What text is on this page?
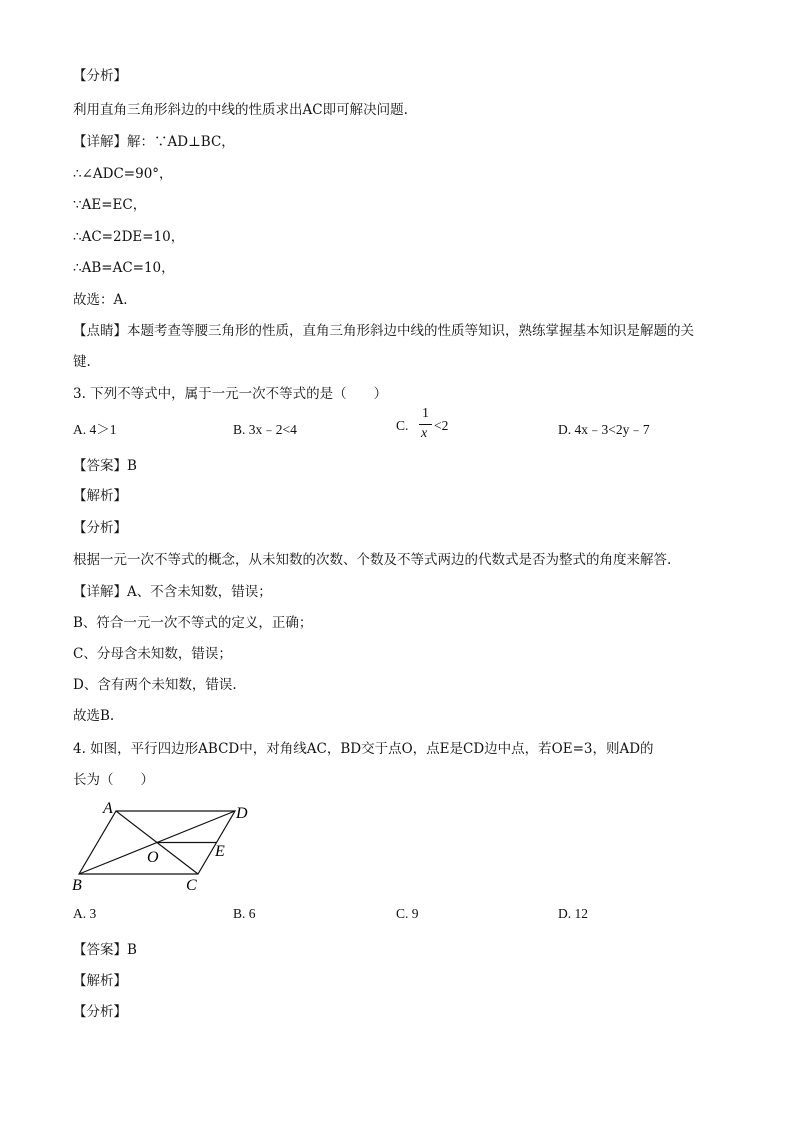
【分析】
利用直角三角形斜边的中线的性质求出AC即可解决问题.
【详解】解：∵AD⊥BC，
∴∠ADC=90°，
∵AE=EC，
∴AC=2DE=10，
∴AB=AC=10，
故选：A.
【点睛】本题考查等腰三角形的性质，直角三角形斜边中线的性质等知识，熟练掌握基本知识是解题的关
键.
3. 下列不等式中，属于一元一次不等式的是（　　）
A. 4＞1	B. 3x﹣2<4	C.
1
x
<2	D. 4x﹣3<2y﹣7
【答案】B
【解析】
【分析】
根据一元一次不等式的概念，从未知数的次数、个数及不等式两边的代数式是否为整式的角度来解答.
【详解】A、不含未知数，错误；
B、符合一元一次不等式的定义，正确；
C、分母含未知数，错误；
D、含有两个未知数，错误.
故选B.
4. 如图，平行四边形ABCD中，对角线AC，BD交于点O，点E是CD边中点，若OE=3，则AD的
长为（　　）
A	D
O	E
B	C
A. 3	B. 6	C. 9	D. 12
【答案】B
【解析】
【分析】
